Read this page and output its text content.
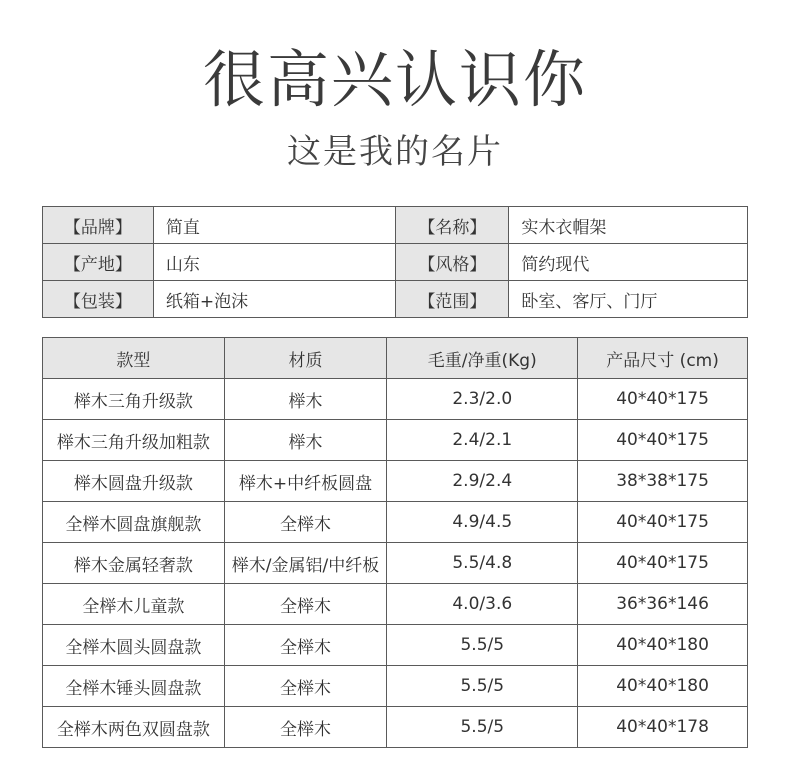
很高兴认识你
这是我的名片
【品牌】	简直	【名称】	实木衣帽架
【产地】	山东	【风格】	简约现代
【包装】	纸箱+泡沫	【范围】	卧室、客厅、门厅
款型	材质	毛重/净重(Kg)	产品尺寸 (cm)
榉木三角升级款	榉木	2.3/2.0	40*40*175
榉木三角升级加粗款	榉木	2.4/2.1	40*40*175
榉木圆盘升级款	榉木+中纤板圆盘	2.9/2.4	38*38*175
全榉木圆盘旗舰款	全榉木	4.9/4.5	40*40*175
榉木金属轻奢款	榉木/金属铝/中纤板	5.5/4.8	40*40*175
全榉木儿童款	全榉木	4.0/3.6	36*36*146
全榉木圆头圆盘款	全榉木	5.5/5	40*40*180
全榉木锤头圆盘款	全榉木	5.5/5	40*40*180
全榉木两色双圆盘款	全榉木	5.5/5	40*40*178
